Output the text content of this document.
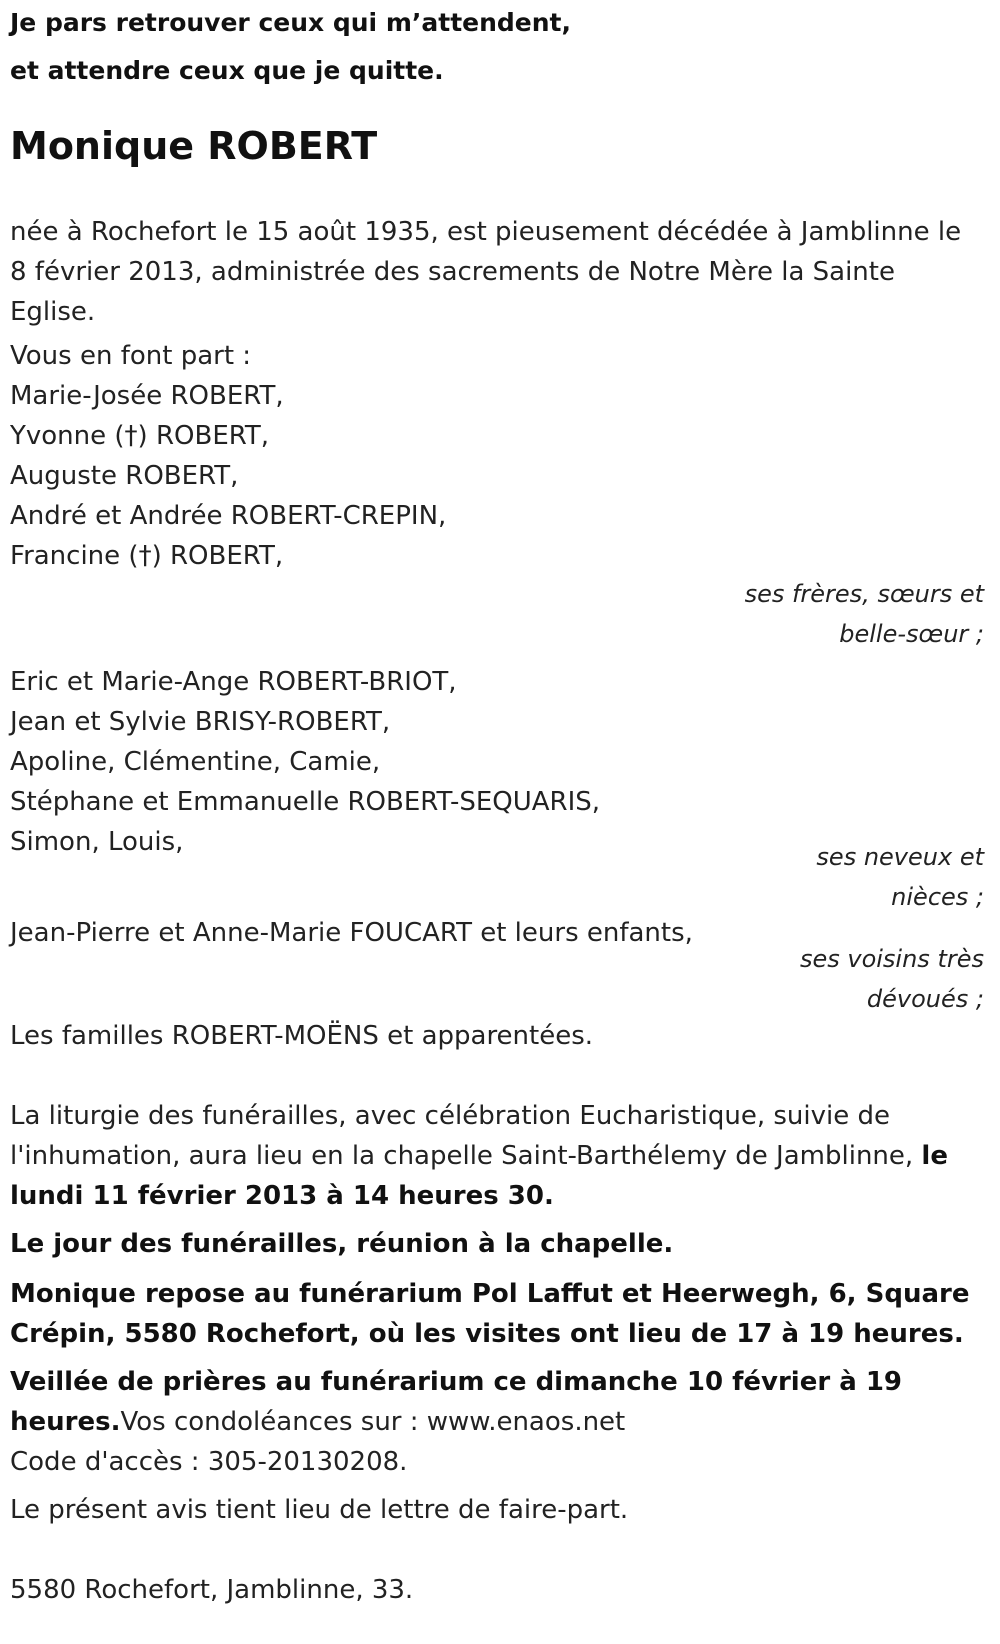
Je pars retrouver ceux qui m’attendent,
et attendre ceux que je quitte.
Monique ROBERT
née à Rochefort le 15 août 1935, est pieusement décédée à Jamblinne le
8 février 2013, administrée des sacrements de Notre Mère la Sainte
Eglise.
Vous en font part :
Marie-Josée ROBERT,
Yvonne (†) ROBERT,
Auguste ROBERT,
André et Andrée ROBERT-CREPIN,
Francine (†) ROBERT,
ses frères, sœurs et
belle-sœur ;
Eric et Marie-Ange ROBERT-BRIOT,
Jean et Sylvie BRISY-ROBERT,
Apoline, Clémentine, Camie,
Stéphane et Emmanuelle ROBERT-SEQUARIS,
Simon, Louis,	ses neveux et
nièces ;
Jean-Pierre et Anne-Marie FOUCART et leurs enfants,
ses voisins très
dévoués ;
Les familles ROBERT-MOËNS et apparentées.
La liturgie des funérailles, avec célébration Eucharistique, suivie de
l'inhumation, aura lieu en la chapelle Saint-Barthélemy de Jamblinne, le
lundi 11 février 2013 à 14 heures 30.
Le jour des funérailles, réunion à la chapelle.
Monique repose au funérarium Pol Laffut et Heerwegh, 6, Square
Crépin, 5580 Rochefort, où les visites ont lieu de 17 à 19 heures.
Veillée de prières au funérarium ce dimanche 10 février à 19
heures.Vos condoléances sur : www.enaos.net
Code d'accès : 305-20130208.
Le présent avis tient lieu de lettre de faire-part.
5580 Rochefort, Jamblinne, 33.
